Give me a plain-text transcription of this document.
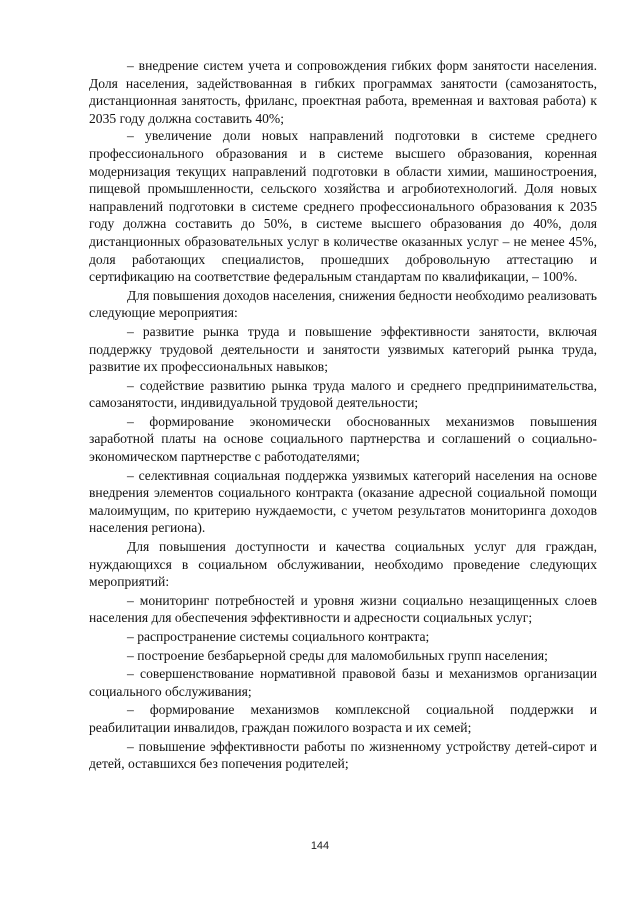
– внедрение систем учета и сопровождения гибких форм занятости населения. Доля населения, задействованная в гибких программах занятости (самозанятость, дистанционная занятость, фриланс, проектная работа, временная и вахтовая работа) к 2035 году должна составить 40%;

– увеличение доли новых направлений подготовки в системе среднего профессионального образования и в системе высшего образования, коренная модернизация текущих направлений подготовки в области химии, машиностроения, пищевой промышленности, сельского хозяйства и агробиотехнологий. Доля новых направлений подготовки в системе среднего профессионального образования к 2035 году должна составить до 50%, в системе высшего образования до 40%, доля дистанционных образовательных услуг в количестве оказанных услуг – не менее 45%, доля работающих специалистов, прошедших добровольную аттестацию и сертификацию на соответствие федеральным стандартам по квалификации, – 100%.

Для повышения доходов населения, снижения бедности необходимо реализовать следующие мероприятия:

– развитие рынка труда и повышение эффективности занятости, включая поддержку трудовой деятельности и занятости уязвимых категорий рынка труда, развитие их профессиональных навыков;

– содействие развитию рынка труда малого и среднего предпринимательства, самозанятости, индивидуальной трудовой деятельности;

– формирование экономически обоснованных механизмов повышения заработной платы на основе социального партнерства и соглашений о социально-экономическом партнерстве с работодателями;

– селективная социальная поддержка уязвимых категорий населения на основе внедрения элементов социального контракта (оказание адресной социальной помощи малоимущим, по критерию нуждаемости, с учетом результатов мониторинга доходов населения региона).

Для повышения доступности и качества социальных услуг для граждан, нуждающихся в социальном обслуживании, необходимо проведение следующих мероприятий:

– мониторинг потребностей и уровня жизни социально незащищенных слоев населения для обеспечения эффективности и адресности социальных услуг;

– распространение системы социального контракта;

– построение безбарьерной среды для маломобильных групп населения;

– совершенствование нормативной правовой базы и механизмов организации социального обслуживания;

– формирование механизмов комплексной социальной поддержки и реабилитации инвалидов, граждан пожилого возраста и их семей;

– повышение эффективности работы по жизненному устройству детей-сирот и детей, оставшихся без попечения родителей;

144
